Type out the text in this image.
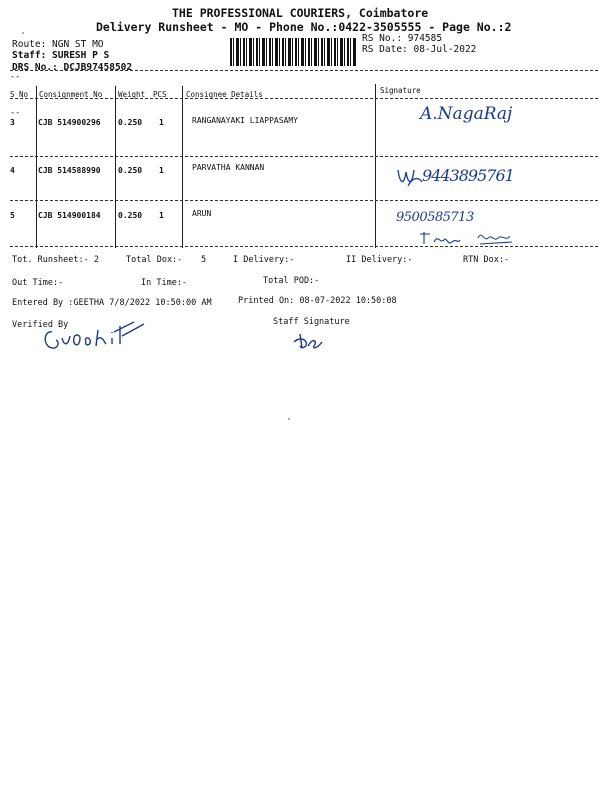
THE PROFESSIONAL COURIERS, Coimbatore
Delivery Runsheet - MO - Phone No.:0422-3505555 - Page No.:2
Route: NGN ST MO
Staff: SURESH P S
DRS No.: DCJB97458502
RS No.: 974585
RS Date: 08-Jul-2022
--
S No Consignment No Weight PCS	Consignee Details	Signature
--
3	CJB 514900296 0.250 1	RANGANAYAKI LIAPPASAMY	A.NagaRaj
4	CJB 514588990 0.250 1	PARVATHA KANNAN	9443895761
5	CJB 514900184 0.250 1	ARUN	9500585713
Tot. Runsheet:- 2	Total Dox:- 5	I Delivery:-	II Delivery:-	RTN Dox:-
Out Time:-	In Time:-	Total POD:-
Entered By :GEETHA 7/8/2022 10:50:00 AM	Printed On: 08-07-2022 10:50:08
Verified By	Staff Signature
